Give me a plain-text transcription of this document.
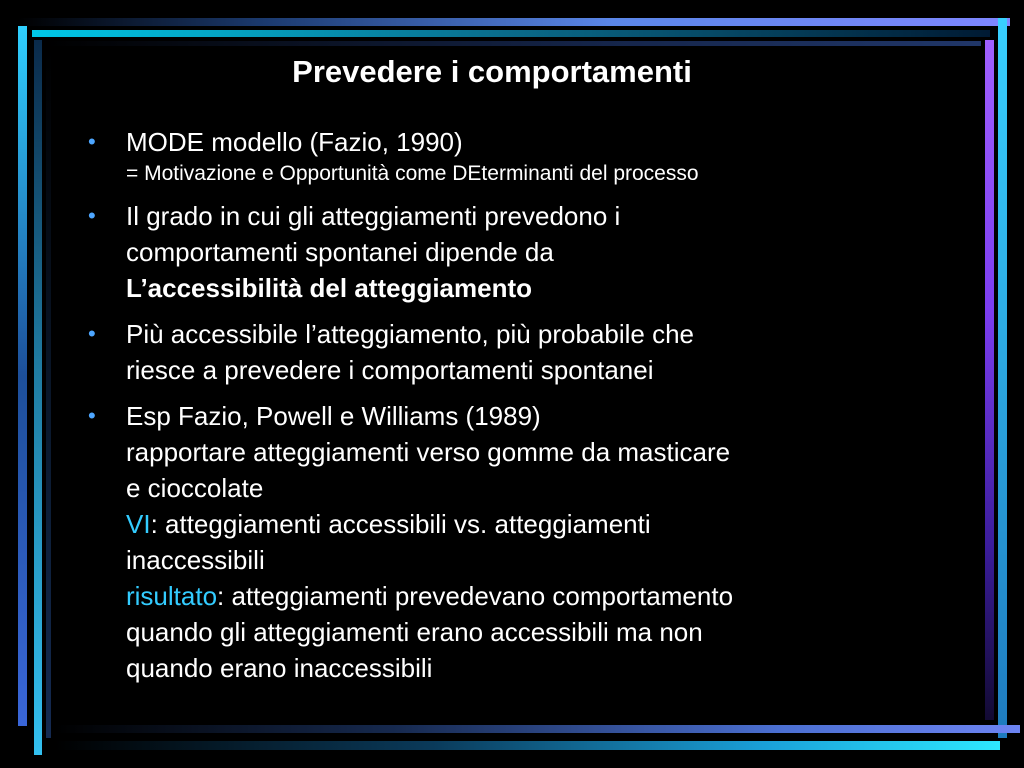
Prevedere i comportamenti
• MODE modello (Fazio, 1990)
= Motivazione e Opportunità come DEterminanti del processo
• Il grado in cui gli atteggiamenti prevedono i
comportamenti spontanei dipende da
L’accessibilità del atteggiamento
• Più accessibile l’atteggiamento, più probabile che
riesce a prevedere i comportamenti spontanei
• Esp Fazio, Powell e Williams (1989)
rapportare atteggiamenti verso gomme da masticare
e cioccolate
VI: atteggiamenti accessibili vs. atteggiamenti
inaccessibili
risultato: atteggiamenti prevedevano comportamento
quando gli atteggiamenti erano accessibili ma non
quando erano inaccessibili
